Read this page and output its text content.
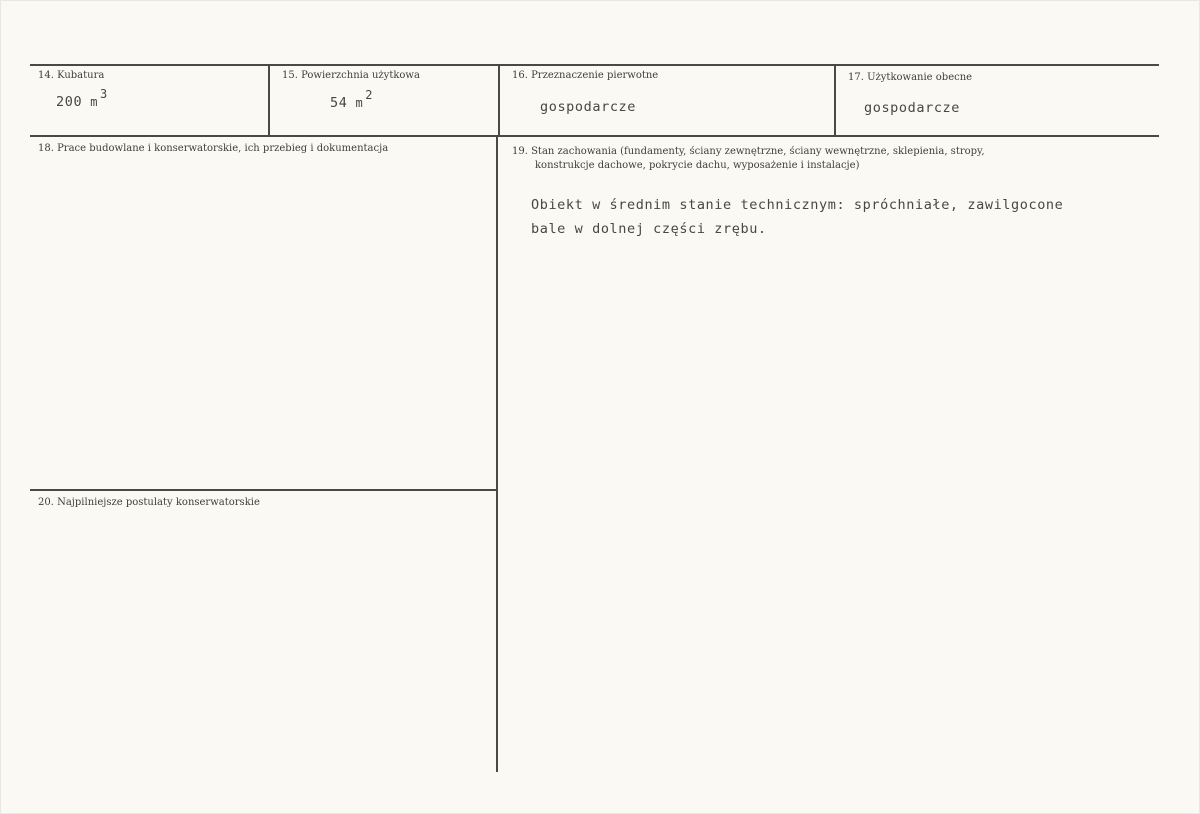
14. Kubatura
200 m3
15. Powierzchnia użytkowa
54 m2
16. Przeznaczenie pierwotne
gospodarcze
17. Użytkowanie obecne
gospodarcze
18. Prace budowlane i konserwatorskie, ich przebieg i dokumentacja	19. Stan zachowania (fundamenty, ściany zewnętrzne, ściany wewnętrzne, sklepienia, stropy,
konstrukcje dachowe, pokrycie dachu, wyposażenie i instalacje)
Obiekt w średnim stanie technicznym: spróchniałe, zawilgocone
bale w dolnej części zrębu.
20. Najpilniejsze postulaty konserwatorskie
